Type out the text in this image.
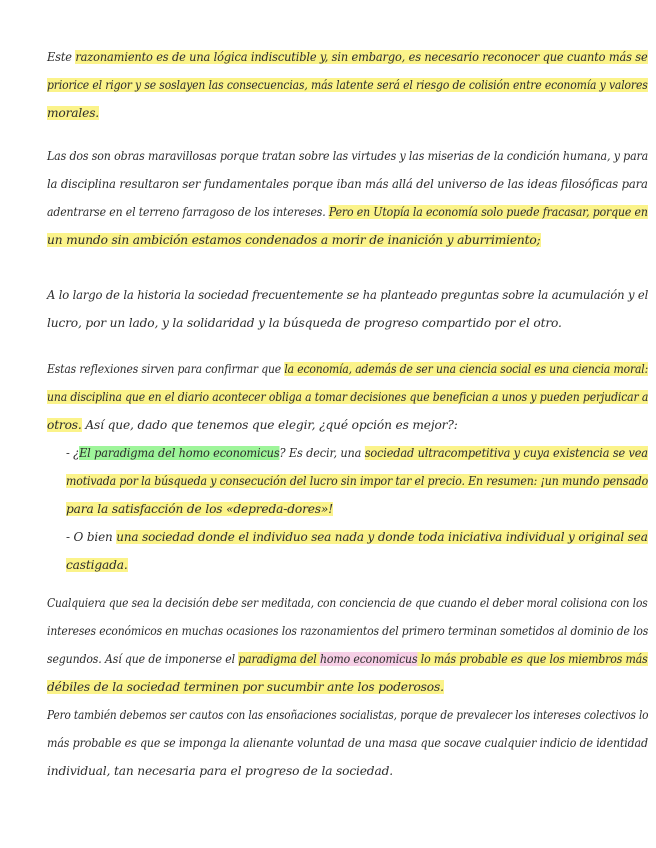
Este razonamiento es de una lógica indiscutible y, sin embargo, es necesario reconocer que cuanto más se
priorice el rigor y se soslayen las consecuencias, más latente será el riesgo de colisión entre economía y valores
morales.
Las dos son obras maravillosas porque tratan sobre las virtudes y las miserias de la condición humana, y para
la disciplina resultaron ser fundamentales porque iban más allá del universo de las ideas filosóficas para
adentrarse en el terreno farragoso de los intereses. Pero en Utopía la economía solo puede fracasar, porque en
un mundo sin ambición estamos condenados a morir de inanición y aburrimiento;
A lo largo de la historia la sociedad frecuentemente se ha planteado preguntas sobre la acumulación y el
lucro, por un lado, y la solidaridad y la búsqueda de progreso compartido por el otro.
Estas reflexiones sirven para confirmar que la economía, además de ser una ciencia social es una ciencia moral:
una disciplina que en el diario acontecer obliga a tomar decisiones que benefician a unos y pueden perjudicar a
otros. Así que, dado que tenemos que elegir, ¿qué opción es mejor?:
- ¿El paradigma del homo economicus? Es decir, una sociedad ultracompetitiva y cuya existencia se vea
motivada por la búsqueda y consecución del lucro sin impor tar el precio. En resumen: ¡un mundo pensado
para la satisfacción de los «depreda-dores»!
- O bien una sociedad donde el individuo sea nada y donde toda iniciativa individual y original sea
castigada.
Cualquiera que sea la decisión debe ser meditada, con conciencia de que cuando el deber moral colisiona con los
intereses económicos en muchas ocasiones los razonamientos del primero terminan sometidos al dominio de los
segundos. Así que de imponerse el paradigma del homo economicus lo más probable es que los miembros más
débiles de la sociedad terminen por sucumbir ante los poderosos.
Pero también debemos ser cautos con las ensoñaciones socialistas, porque de prevalecer los intereses colectivos lo
más probable es que se imponga la alienante voluntad de una masa que socave cualquier indicio de identidad
individual, tan necesaria para el progreso de la sociedad.
